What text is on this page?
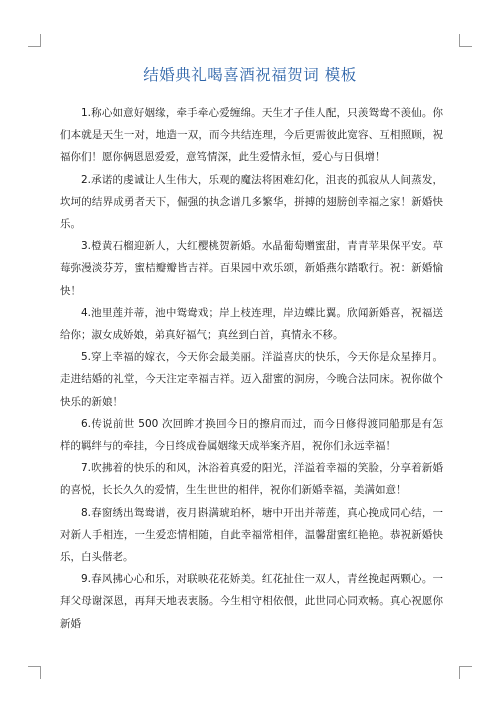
结婚典礼喝喜酒祝福贺词 模板

1.称心如意好姻缘，牵手牵心爱缠绵。天生才子佳人配，只羡鸳鸯不羡仙。你们本就是天生一对，地造一双，而今共结连理，今后更需彼此宽容、互相照顾，祝福你们！愿你俩恩恩爱爱，意笃情深，此生爱情永恒，爱心与日俱增！

2.承诺的虔诚让人生伟大，乐观的魔法将困难幻化，沮丧的孤寂从人间蒸发，坎坷的结界成勇者天下，倔强的执念谱几多繁华，拼搏的翅膀创幸福之家！新婚快乐。

3.橙黄石榴迎新人，大红樱桃贺新婚。水晶葡萄赠蜜甜，青青苹果保平安。草莓弥漫淡芬芳，蜜桔瓣瓣皆吉祥。百果园中欢乐颂，新婚燕尔踏歌行。祝：新婚愉快！

4.池里莲并蒂，池中鸳鸯戏；岸上枝连理，岸边蝶比翼。欣闻新婚喜，祝福送给你；淑女成娇娘，弟真好福气；真丝到白首，真情永不移。

5.穿上幸福的嫁衣，今天你会最美丽。洋溢喜庆的快乐，今天你是众星捧月。走进结婚的礼堂，今天注定幸福吉祥。迈入甜蜜的洞房，今晚合法同床。祝你做个快乐的新娘！

6.传说前世 500 次回眸才换回今日的擦肩而过，而今日修得渡同船那是有怎样的羁绊与的牵挂，今日终成眷属姻缘天成举案齐眉，祝你们永远幸福！

7.吹拂着的快乐的和风，沐浴着真爱的阳光，洋溢着幸福的笑脸，分享着新婚的喜悦，长长久久的爱情，生生世世的相伴，祝你们新婚幸福，美满如意！

8.春窗绣出鸳鸯谱，夜月斟满琥珀杯，塘中开出并蒂莲，真心挽成同心结，一对新人手相连，一生爱恋情相随，自此幸福常相伴，温馨甜蜜红艳艳。恭祝新婚快乐，白头偕老。

9.春风拂心心和乐，对联映花花娇美。红花扯住一双人，青丝挽起两颗心。一拜父母谢深恩，再拜天地表衷肠。今生相守相依偎，此世同心同欢畅。真心祝愿你新婚
